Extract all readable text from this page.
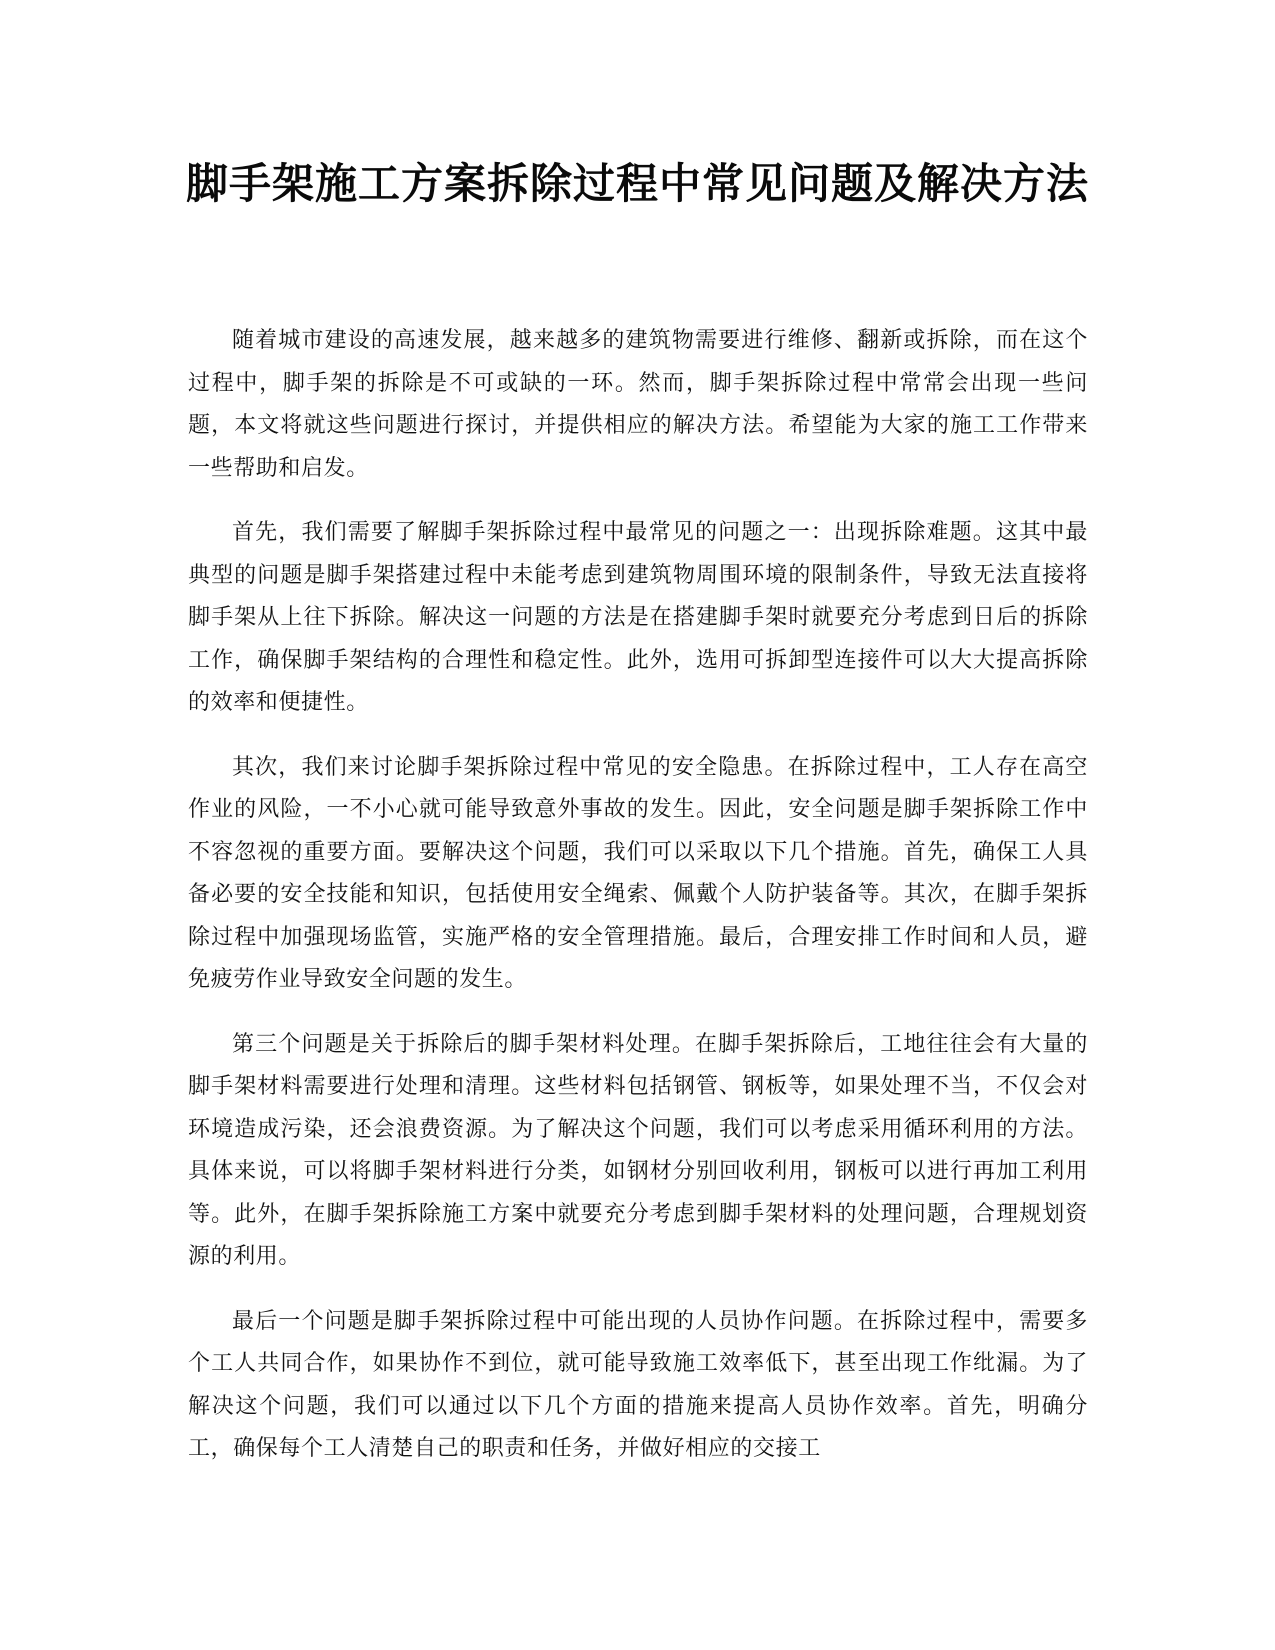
脚手架施工方案拆除过程中常见问题及解决方法

随着城市建设的高速发展，越来越多的建筑物需要进行维修、翻新或拆除，而在这个过程中，脚手架的拆除是不可或缺的一环。然而，脚手架拆除过程中常常会出现一些问题，本文将就这些问题进行探讨，并提供相应的解决方法。希望能为大家的施工工作带来一些帮助和启发。

首先，我们需要了解脚手架拆除过程中最常见的问题之一：出现拆除难题。这其中最典型的问题是脚手架搭建过程中未能考虑到建筑物周围环境的限制条件，导致无法直接将脚手架从上往下拆除。解决这一问题的方法是在搭建脚手架时就要充分考虑到日后的拆除工作，确保脚手架结构的合理性和稳定性。此外，选用可拆卸型连接件可以大大提高拆除的效率和便捷性。

其次，我们来讨论脚手架拆除过程中常见的安全隐患。在拆除过程中，工人存在高空作业的风险，一不小心就可能导致意外事故的发生。因此，安全问题是脚手架拆除工作中不容忽视的重要方面。要解决这个问题，我们可以采取以下几个措施。首先，确保工人具备必要的安全技能和知识，包括使用安全绳索、佩戴个人防护装备等。其次，在脚手架拆除过程中加强现场监管，实施严格的安全管理措施。最后，合理安排工作时间和人员，避免疲劳作业导致安全问题的发生。

第三个问题是关于拆除后的脚手架材料处理。在脚手架拆除后，工地往往会有大量的脚手架材料需要进行处理和清理。这些材料包括钢管、钢板等，如果处理不当，不仅会对环境造成污染，还会浪费资源。为了解决这个问题，我们可以考虑采用循环利用的方法。具体来说，可以将脚手架材料进行分类，如钢材分别回收利用，钢板可以进行再加工利用等。此外，在脚手架拆除施工方案中就要充分考虑到脚手架材料的处理问题，合理规划资源的利用。

最后一个问题是脚手架拆除过程中可能出现的人员协作问题。在拆除过程中，需要多个工人共同合作，如果协作不到位，就可能导致施工效率低下，甚至出现工作纰漏。为了解决这个问题，我们可以通过以下几个方面的措施来提高人员协作效率。首先，明确分工，确保每个工人清楚自己的职责和任务，并做好相应的交接工
